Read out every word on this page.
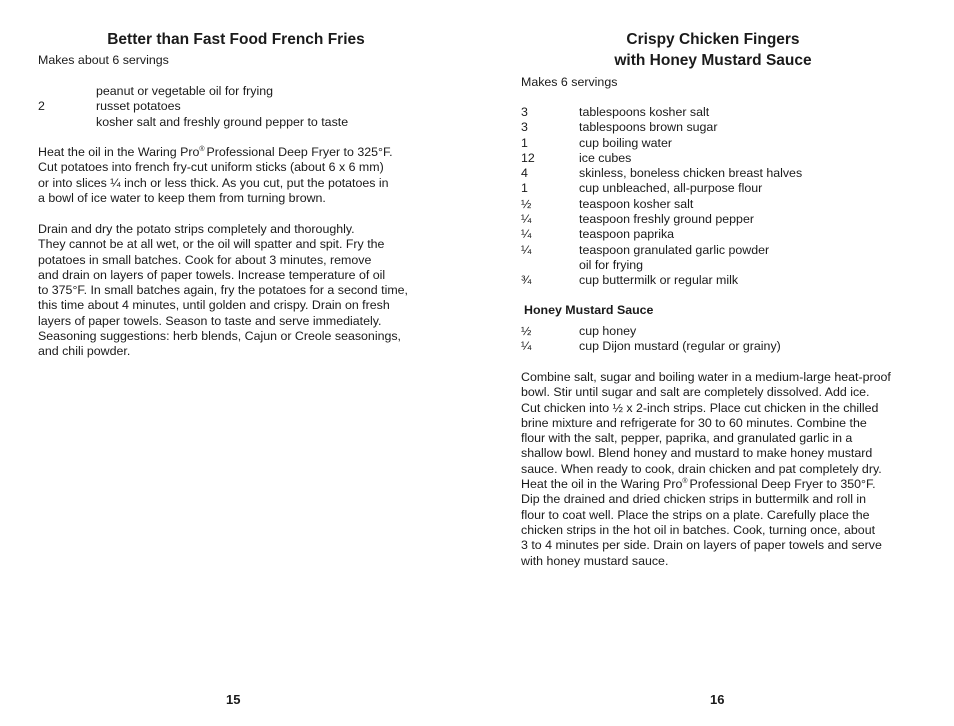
Better than Fast Food French Fries
Makes about 6 servings
peanut or vegetable oil for frying
2	russet potatoes
kosher salt and freshly ground pepper to taste

Heat the oil in the Waring Pro® Professional Deep Fryer to 325°F.

Cut potatoes into french fry-cut uniform sticks (about 6 x 6 mm)

or into slices ¼ inch or less thick. As you cut, put the potatoes in

a bowl of ice water to keep them from turning brown.

Drain and dry the potato strips completely and thoroughly.

They cannot be at all wet, or the oil will spatter and spit. Fry the

potatoes in small batches. Cook for about 3 minutes, remove

and drain on layers of paper towels. Increase temperature of oil

to 375°F. In small batches again, fry the potatoes for a second time,

this time about 4 minutes, until golden and crispy. Drain on fresh

layers of paper towels. Season to taste and serve immediately.

Seasoning suggestions: herb blends, Cajun or Creole seasonings,

and chili powder.

15
Crispy Chicken Fingers
with Honey Mustard Sauce
Makes 6 servings
3	tablespoons kosher salt
3	tablespoons brown sugar
1	cup boiling water
12	ice cubes
4	skinless, boneless chicken breast halves
1	cup unbleached, all-purpose flour
½	teaspoon kosher salt
¼	teaspoon freshly ground pepper
¼	teaspoon paprika
¼	teaspoon granulated garlic powder
oil for frying
¾	cup buttermilk or regular milk
Honey Mustard Sauce
½	cup honey
¼	cup Dijon mustard (regular or grainy)

Combine salt, sugar and boiling water in a medium-large heat-proof

bowl. Stir until sugar and salt are completely dissolved. Add ice.

Cut chicken into ½ x 2-inch strips. Place cut chicken in the chilled

brine mixture and refrigerate for 30 to 60 minutes. Combine the

flour with the salt, pepper, paprika, and granulated garlic in a

shallow bowl. Blend honey and mustard to make honey mustard

sauce. When ready to cook, drain chicken and pat completely dry.

Heat the oil in the Waring Pro® Professional Deep Fryer to 350°F.

Dip the drained and dried chicken strips in buttermilk and roll in

flour to coat well. Place the strips on a plate. Carefully place the

chicken strips in the hot oil in batches. Cook, turning once, about

3 to 4 minutes per side. Drain on layers of paper towels and serve

with honey mustard sauce.

16
